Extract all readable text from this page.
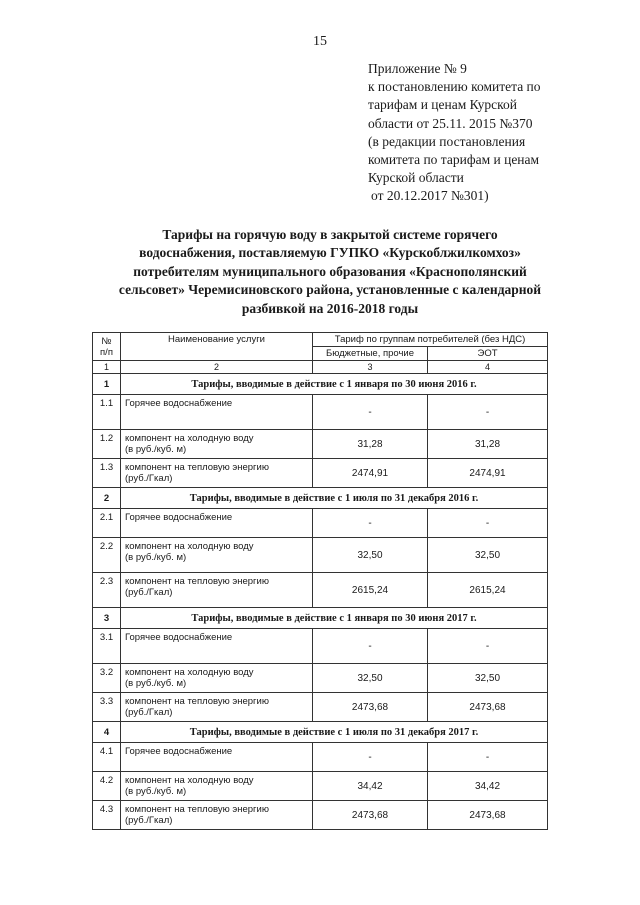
15
Приложение № 9
к постановлению комитета по
тарифам и ценам Курской
области от 25.11. 2015 №370
(в редакции постановления
комитета по тарифам и ценам
Курской области
от 20.12.2017 №301)
Тарифы на горячую воду в закрытой системе горячего
водоснабжения, поставляемую ГУПКО «Курскоблжилкомхоз»
потребителям муниципального образования «Краснополянский
сельсовет» Черемисиновского района, установленные с календарной
разбивкой на 2016-2018 годы
№
п/п	Наименование услуги	Тариф по группам потребителей (без НДС)	
		Бюджетные, прочие	ЭОТ
1	2	3	4
1	Тарифы, вводимые в действие с 1 января по 30 июня 2016 г.		
1.1	Горячее водоснабжение	-	-
1.2	компонент на холодную воду
(в руб./куб. м)	31,28	31,28
1.3	компонент на тепловую энергию
(руб./Гкал)	2474,91	2474,91
2	Тарифы, вводимые в действие с 1 июля по 31 декабря 2016 г.		
2.1	Горячее водоснабжение	-	-
2.2	компонент на холодную воду
(в руб./куб. м)	32,50	32,50
2.3	компонент на тепловую энергию
(руб./Гкал)	2615,24	2615,24
3	Тарифы, вводимые в действие с 1 января по 30 июня 2017 г.		
3.1	Горячее водоснабжение	-	-
3.2	компонент на холодную воду
(в руб./куб. м)	32,50	32,50
3.3	компонент на тепловую энергию
(руб./Гкал)	2473,68	2473,68
4	Тарифы, вводимые в действие с 1 июля по 31 декабря 2017 г.		
4.1	Горячее водоснабжение	-	-
4.2	компонент на холодную воду
(в руб./куб. м)	34,42	34,42
4.3	компонент на тепловую энергию
(руб./Гкал)	2473,68	2473,68
